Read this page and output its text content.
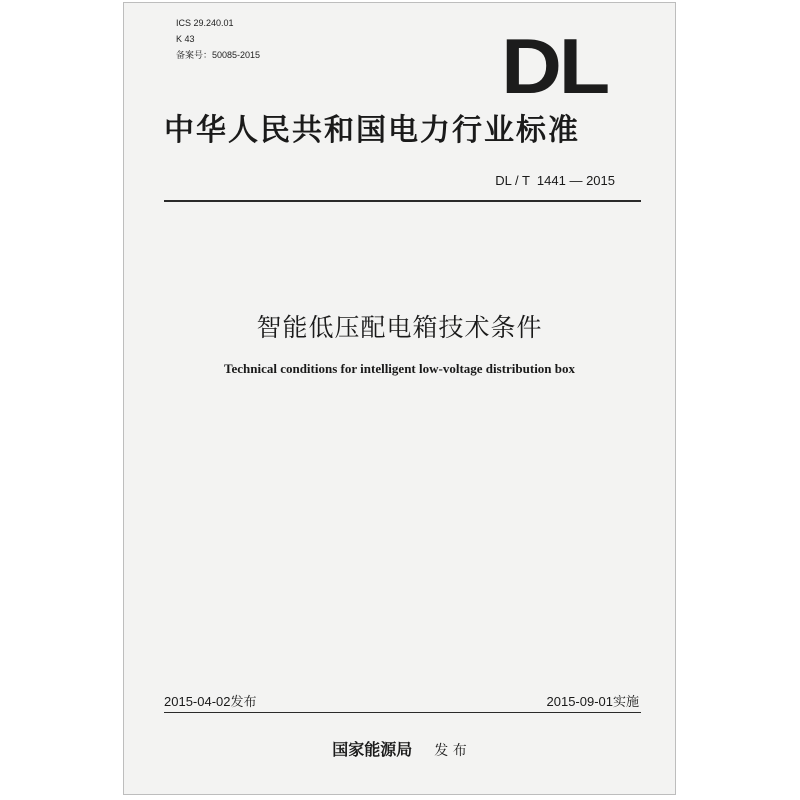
ICS 29.240.01
K 43
备案号：50085-2015	DL
中华人民共和国电力行业标准
DL / T  1441 — 2015
智能低压配电箱技术条件
Technical conditions for intelligent low-voltage distribution box
2015-04-02发布	2015-09-01实施
国家能源局 发 布
